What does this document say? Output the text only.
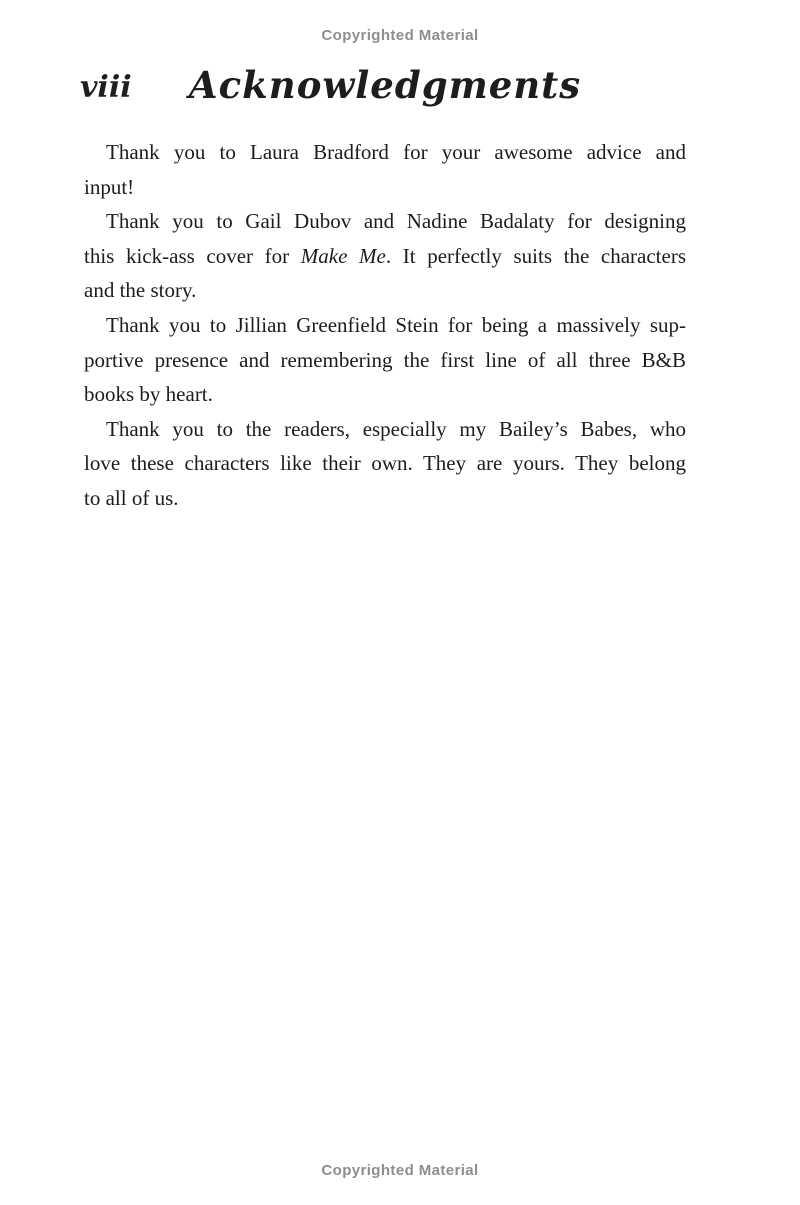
Copyrighted Material
viii	Acknowledgments

Thank you to Laura Bradford for your awesome advice and
input!

Thank you to Gail Dubov and Nadine Badalaty for designing
this kick-ass cover for Make Me. It perfectly suits the characters
and the story.

Thank you to Jillian Greenfield Stein for being a massively sup-
portive presence and remembering the first line of all three B&B
books by heart.

Thank you to the readers, especially my Bailey’s Babes, who
love these characters like their own. They are yours. They belong
to all of us.

Copyrighted Material
